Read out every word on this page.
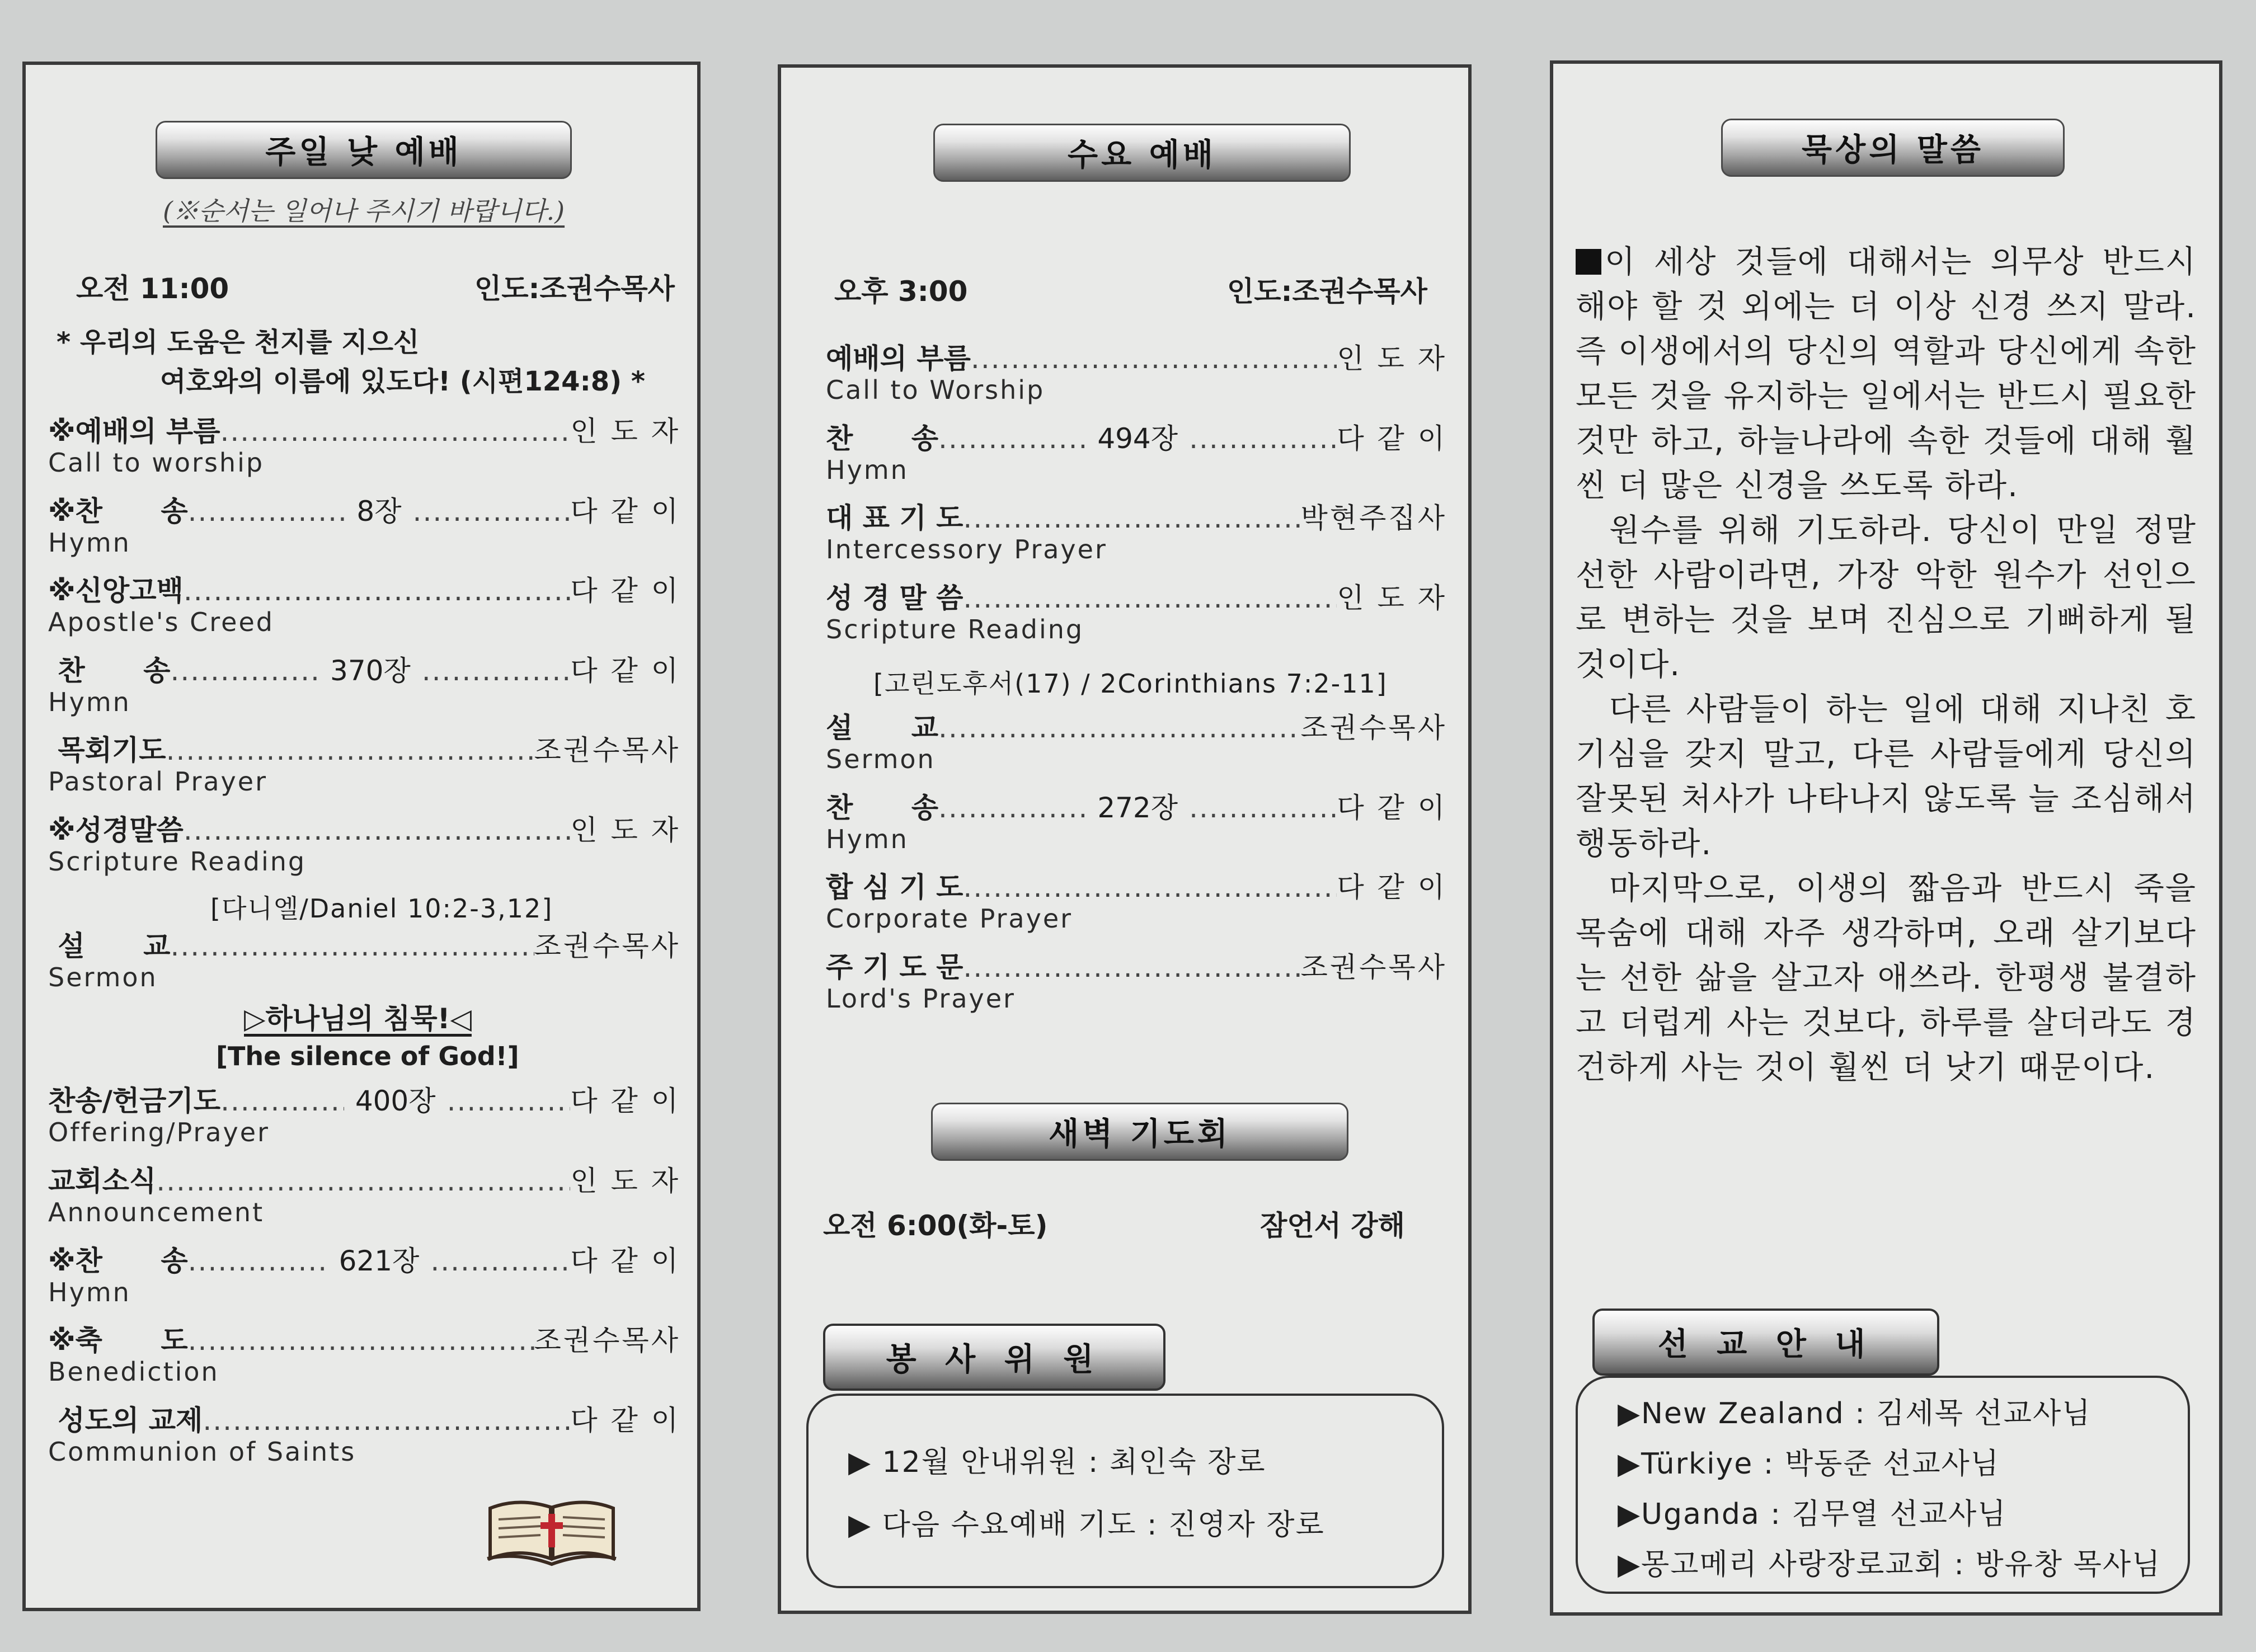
주일 낮 예배
(※순서는 일어나 주시기 바랍니다.)
오전 11:00	인도:조권수목사
* 우리의 도움은 천지를 지으신
여호와의 이름에 있도다! (시편124:8) *
※예배의 부름 .....	인 도 자
Call to worship
※찬      송 .....	8장 .....	다 같 이
Hymn
※신앙고백 .....	다 같 이
Apostle's Creed
찬      송 .....	370장 .....	다 같 이
Hymn
목회기도 .....	조권수목사
Pastoral Prayer
※성경말씀 .....	인 도 자
Scripture Reading
설      교 .....	조권수목사
Sermon
찬송/헌금기도 .....	400장 .....	다 같 이
Offering/Prayer
교회소식 .....	인 도 자
Announcement
※찬      송 .....	621장 .....	다 같 이
Hymn
※축      도 .....	조권수목사
Benediction
성도의 교제 .....	다 같 이
Communion of Saints
[다니엘/Daniel 10:2-3,12]
▷하나님의 침묵!◁
[The silence of God!]
수요 예배
오후 3:00	인도:조권수목사
예배의 부름 .....	인 도 자
Call to Worship
찬      송 .....	494장 .....	다 같 이
Hymn
대 표 기 도 .....	박현주집사
Intercessory Prayer
성 경 말 씀 .....	인 도 자
Scripture Reading
설      교 .....	조권수목사
Sermon
찬      송 .....	272장 .....	다 같 이
Hymn
합 심 기 도 .....	다 같 이
Corporate Prayer
주 기 도 문 .....	조권수목사
Lord's Prayer
[고린도후서(17) / 2Corinthians 7:2-11]
새벽 기도회
오전 6:00(화-토)	잠언서 강해
봉 사 위 원
▶ 12월 안내위원 : 최인숙 장로
▶ 다음 수요예배 기도 : 진영자 장로
묵상의 말씀

이 세상 것들에 대해서는 의무상 반드시 해야 할 것 외에는 더 이상 신경 쓰지 말라. 즉 이생에서의 당신의 역할과 당신에게 속한 모든 것을 유지하는 일에서는 반드시 필요한 것만 하고, 하늘나라에 속한 것들에 대해 훨씬 더 많은 신경을 쓰도록 하라.

원수를 위해 기도하라. 당신이 만일 정말 선한 사람이라면, 가장 악한 원수가 선인으로 변하는 것을 보며 진심으로 기뻐하게 될 것이다.

다른 사람들이 하는 일에 대해 지나친 호기심을 갖지 말고, 다른 사람들에게 당신의 잘못된 처사가 나타나지 않도록 늘 조심해서 행동하라.

마지막으로, 이생의 짧음과 반드시 죽을 목숨에 대해 자주 생각하며, 오래 살기보다는 선한 삶을 살고자 애쓰라. 한평생 불결하고 더럽게 사는 것보다, 하루를 살더라도 경건하게 사는 것이 훨씬 더 낫기 때문이다.

선 교 안 내
▶New Zealand : 김세목 선교사님
▶Türkiye : 박동준 선교사님
▶Uganda : 김무열 선교사님
▶몽고메리 사랑장로교회 : 방유창 목사님
